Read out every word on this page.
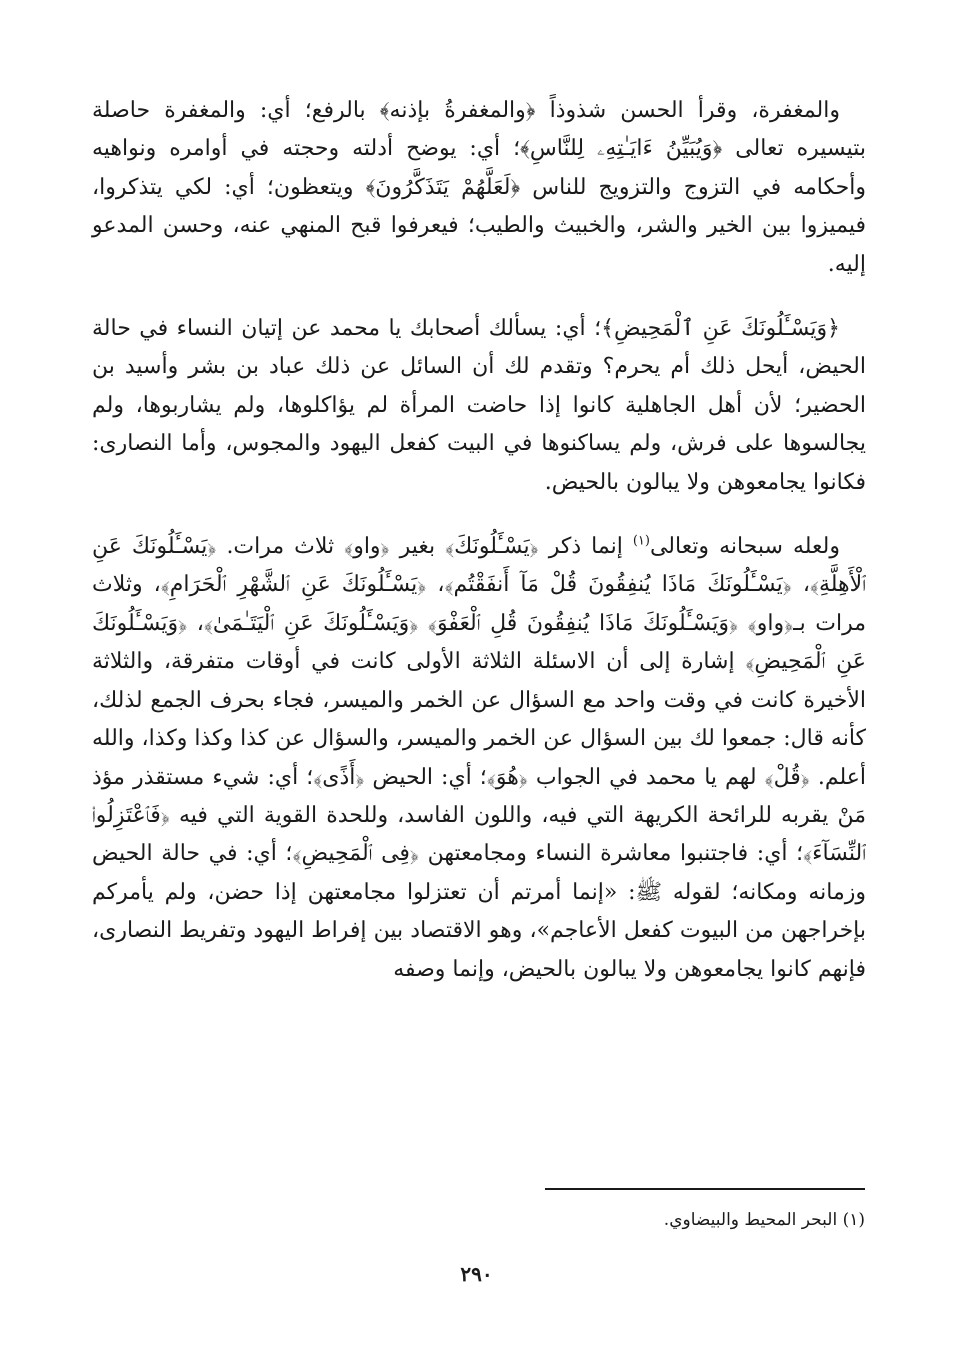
والمغفرة، وقرأ الحسن شذوذاً ﴿والمغفرةُ بإذنه﴾ بالرفع؛ أي: والمغفرة حاصلة بتيسيره تعالى ﴿وَيُبَيِّنُ ءَايَـٰتِهِۦ لِلنَّاسِ﴾؛ أي: يوضح أدلته وحجته في أوامره ونواهيه وأحكامه في التزوج والتزويج للناس ﴿لَعَلَّهُمْ يَتَذَكَّرُونَ﴾ ويتعظون؛ أي: لكي يتذكروا، فيميزوا بين الخير والشر، والخبيث والطيب؛ فيعرفوا قبح المنهي عنه، وحسن المدعو إليه.

﴿وَيَسْـَٔلُونَكَ عَنِ ٱلْمَحِيضِ﴾؛ أي: يسألك أصحابك يا محمد عن إتيان النساء في حالة الحيض، أيحل ذلك أم يحرم؟ وتقدم لك أن السائل عن ذلك عباد بن بشر وأسيد بن الحضير؛ لأن أهل الجاهلية كانوا إذا حاضت المرأة لم يؤاكلوها، ولم يشاربوها، ولم يجالسوها على فرش، ولم يساكنوها في البيت كفعل اليهود والمجوس، وأما النصارى: فكانوا يجامعوهن ولا يبالون بالحيض.

ولعله سبحانه وتعالى$^{(١)}$ إنما ذكر ﴿يَسْـَٔلُونَكَ﴾ بغير ﴿واو﴾ ثلاث مرات. ﴿يَسْـَٔلُونَكَ عَنِ ٱلْأَهِلَّةِ﴾، ﴿يَسْـَٔلُونَكَ مَاذَا يُنفِقُونَ قُلْ مَآ أَنفَقْتُم﴾، ﴿يَسْـَٔلُونَكَ عَنِ ٱلشَّهْرِ ٱلْحَرَامِ﴾، وثلاث مرات بـ﴿واو﴾ ﴿وَيَسْـَٔلُونَكَ مَاذَا يُنفِقُونَ قُلِ ٱلْعَفْوَ﴾ ﴿وَيَسْـَٔلُونَكَ عَنِ ٱلْيَتَـٰمَىٰ﴾، ﴿وَيَسْـَٔلُونَكَ عَنِ ٱلْمَحِيضِ﴾ إشارة إلى أن الاسئلة الثلاثة الأولى كانت في أوقات متفرقة، والثلاثة الأخيرة كانت في وقت واحد مع السؤال عن الخمر والميسر، فجاء بحرف الجمع لذلك، كأنه قال: جمعوا لك بين السؤال عن الخمر والميسر، والسؤال عن كذا وكذا وكذا، والله أعلم. ﴿قُلْ﴾ لهم يا محمد في الجواب ﴿هُوَ﴾؛ أي: الحيض ﴿أَذًى﴾؛ أي: شيء مستقذر مؤذ مَنْ يقربه للرائحة الكريهة التي فيه، واللون الفاسد، وللحدة القوية التي فيه ﴿فَٱعْتَزِلُوا۟ ٱلنِّسَآءَ﴾؛ أي: فاجتنبوا معاشرة النساء ومجامعتهن ﴿فِى ٱلْمَحِيضِ﴾؛ أي: في حالة الحيض وزمانه ومكانه؛ لقوله ﷺ: «إنما أمرتم أن تعتزلوا مجامعتهن إذا حضن، ولم يأمركم بإخراجهن من البيوت كفعل الأعاجم»، وهو الاقتصاد بين إفراط اليهود وتفريط النصارى، فإنهم كانوا يجامعوهن ولا يبالون بالحيض، وإنما وصفه

(١) البحر المحيط والبيضاوي.
٢٩٠
